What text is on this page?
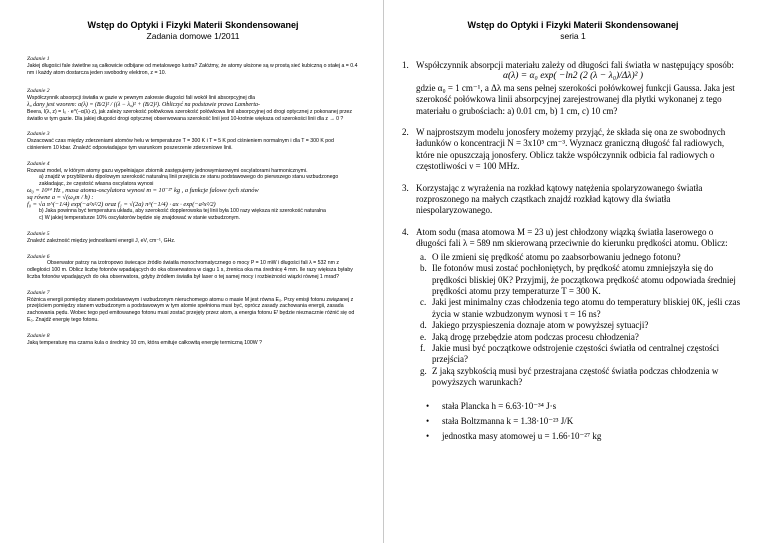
Wstęp do Optyki i Fizyki Materii Skondensowanej
Zadania domowe 1/2011

Zadanie 1

Jakiej długości fale świetlne są całkowicie odbijane od metalowego lustra? Załóżmy, że atomy ułożone są w prostą sieć kubiczną o stałej a = 0.4 nm i każdy atom dostarcza jeden swobodny elektron, z = 10.

Zadanie 2

Współczynnik absorpcji światła w gazie w pewnym zakresie długości fali wokół linii absorpcyjnej dla

λ₀ dany jest wzorem: α(λ) = (B/2)² / ((λ − λ₀)² + (B/2)²). Obliczyć na podstawie prawa Lamberta-

Beera, I(λ, z) = I₀ · e^(−α(λ)·z), jak zależy szerokość połówkowa szerokość połówkowa linii absorpcyjnej od drogi optycznej z pokonanej przez światło w tym gazie. Dla jakiej długości drogi optycznej obserwowana szerokość linii jest 10-krotnie większa od szerokości linii dla z → 0 ?

Zadanie 3

Oszacować czas między zderzeniami atomów helu w temperaturze T = 300 K i T = 5 K pod ciśnieniem normalnym i dla T = 300 K pod ciśnieniem 10 kbar. Znaleźć odpowiadające tym warunkom poszerzenie zderzeniowe linii.

Zadanie 4

Rozważ model, w którym atomy gazu wypełniające zbiornik zastępujemy jednowymiarowymi oscylatorami harmonicznymi.

a) znajdź w przybliżeniu dipolowym szerokość naturalną linii przejścia ze stanu podstawowego do pierwszego stanu wzbudzonego zakładając, że częstość własna oscylatora wynosi

ω₀ = 10¹⁴ Hz , masa atomu-oscylatora wynosi m = 10⁻²⁷ kg , a funkcje falowe tych stanów

są równe a = √(ω₀m / ħ) :

f₀ = √a π^(−1/4) exp(−a²x²/2) oraz f₁ = √(2a) π^(−1/4) · ax · exp(−a²x²/2)

b) Jaka powinna być temperatura układu, aby szerokość dopplerowska tej linii była 100 razy większa niż szerokość naturalna

c) W jakiej temperaturze 10% oscylatorów będzie się znajdować w stanie wzbudzonym.

Zadanie 5

Znaleźć zależność między jednostkami energii J, eV, cm⁻¹, GHz.

Zadanie 6

Obserwator patrzy na izotropowo świecące źródło światła monochromatycznego o mocy P = 10 mW i długości fali λ = 532 nm z odległości 100 m. Oblicz liczbę fotonów wpadających do oka obserwatora w ciągu 1 s, źrenica oka ma średnicę 4 mm. Ile razy większa byłaby liczba fotonów wpadających do oka obserwatora, gdyby źródłem światła był laser o tej samej mocy i rozbieżności wiązki równej 1 mrad?

Zadanie 7

Różnica energii pomiędzy stanem podstawowym i wzbudzonym nieruchomego atomu o masie M jest równa E₀. Przy emisji fotonu związanej z przejściem pomiędzy stanem wzbudzonym a podstawowym w tym atomie spełniona musi być, oprócz zasady zachowania energii, zasada zachowania pędu. Wobec tego pęd emitowanego fotonu musi zostać przejęty przez atom, a energia fotonu Eᶠ będzie nieznacznie różnić się od E₀. Znajdź energię tego fotonu.

Zadanie 8

Jaką temperaturę ma czarna kula o średnicy 10 cm, która emituje całkowitą energię termiczną 100W ?

Wstęp do Optyki i Fizyki Materii Skondensowanej
seria 1

1. Współczynnik absorpcji materiału zależy od długości fali światła w następujący sposób:

α(λ) = α₀ exp( −ln2 (2 (λ − λ₀)/Δλ)² )

gdzie α₀ = 1 cm⁻¹, a Δλ ma sens pełnej szerokości połówkowej funkcji Gaussa. Jaka jest szerokość połówkowa linii absorpcyjnej zarejestrowanej dla płytki wykonanej z tego materiału o grubościach: a) 0.01 cm, b) 1 cm, c) 10 cm?

2. W najprostszym modelu jonosfery możemy przyjąć, że składa się ona ze swobodnych ładunków o koncentracji N = 3x10⁵ cm⁻³. Wyznacz graniczną długość fal radiowych, które nie opuszczają jonosfery. Oblicz także współczynnik odbicia fal radiowych o częstotliwości ν = 100 MHz.

3. Korzystając z wyrażenia na rozkład kątowy natężenia spolaryzowanego światła rozproszonego na małych cząstkach znajdź rozkład kątowy dla światła niespolaryzowanego.

4. Atom sodu (masa atomowa M = 23 u) jest chłodzony wiązką światła laserowego o długości fali λ = 589 nm skierowaną przeciwnie do kierunku prędkości atomu. Oblicz:

a. O ile zmieni się prędkość atomu po zaabsorbowaniu jednego fotonu?
b. Ile fotonów musi zostać pochłoniętych, by prędkość atomu zmniejszyła się do prędkości bliskiej 0K? Przyjmij, że początkowa prędkość atomu odpowiada średniej prędkości atomu przy temperaturze T = 300 K.
c. Jaki jest minimalny czas chłodzenia tego atomu do temperatury bliskiej 0K, jeśli czas życia w stanie wzbudzonym wynosi τ = 16 ns?
d. Jakiego przyspieszenia doznaje atom w powyższej sytuacji?
e. Jaką drogę przebędzie atom podczas procesu chłodzenia?
f. Jakie musi być początkowe odstrojenie częstości światła od centralnej częstości przejścia?
g. Z jaką szybkością musi być przestrajana częstość światła podczas chłodzenia w powyższych warunkach?
•	stała Plancka h = 6.63·10⁻³⁴ J·s
•	stała Boltzmanna k = 1.38·10⁻²³ J/K
•	jednostka masy atomowej u = 1.66·10⁻²⁷ kg
